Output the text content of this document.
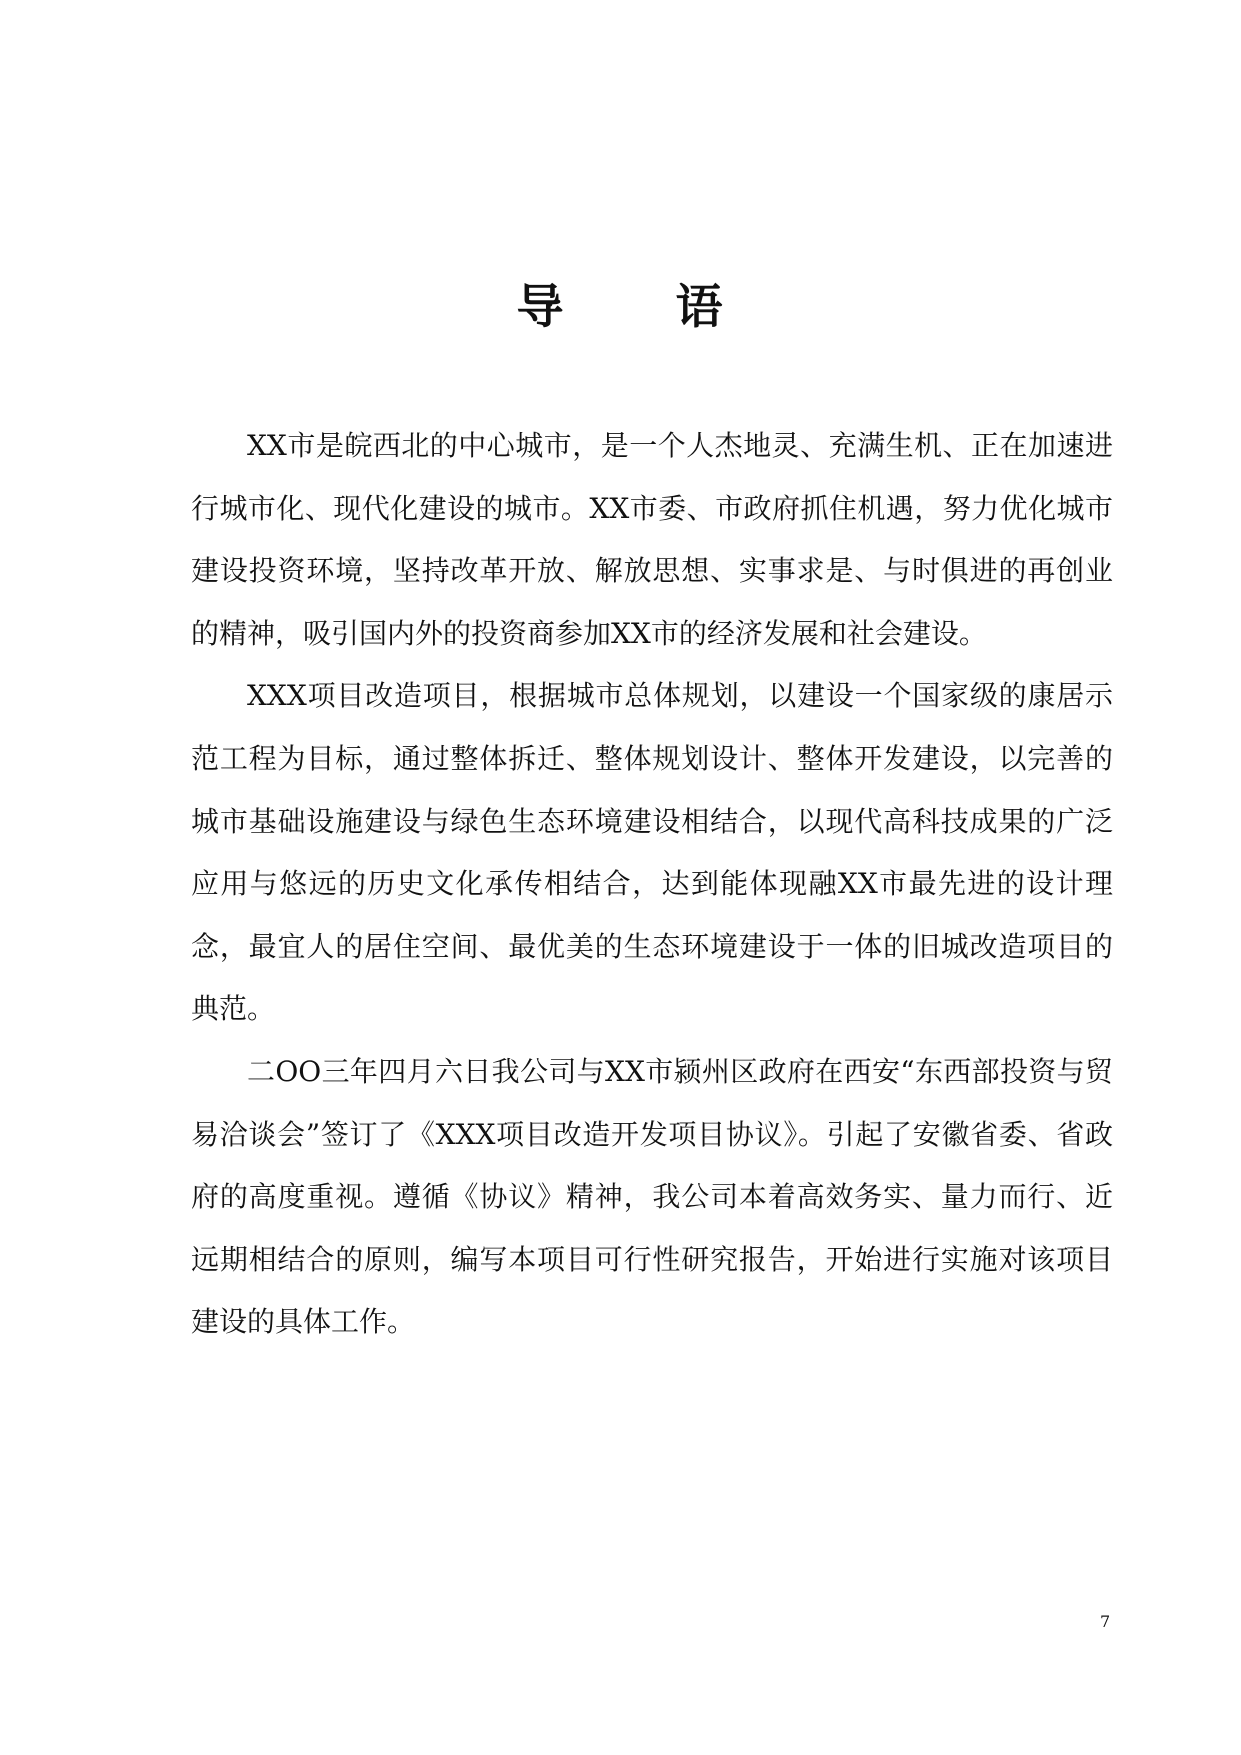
导 语

XX市是皖西北的中心城市，是一个人杰地灵、充满生机、正在加速进行城市化、现代化建设的城市。XX市委、市政府抓住机遇，努力优化城市建设投资环境，坚持改革开放、解放思想、实事求是、与时俱进的再创业的精神，吸引国内外的投资商参加XX市的经济发展和社会建设。

XXX项目改造项目，根据城市总体规划，以建设一个国家级的康居示范工程为目标，通过整体拆迁、整体规划设计、整体开发建设，以完善的城市基础设施建设与绿色生态环境建设相结合，以现代高科技成果的广泛应用与悠远的历史文化承传相结合，达到能体现融XX市最先进的设计理念，最宜人的居住空间、最优美的生态环境建设于一体的旧城改造项目的典范。

二OO三年四月六日我公司与XX市颍州区政府在西安“东西部投资与贸易洽谈会”签订了《XXX项目改造开发项目协议》。引起了安徽省委、省政府的高度重视。遵循《协议》精神，我公司本着高效务实、量力而行、近远期相结合的原则，编写本项目可行性研究报告，开始进行实施对该项目建设的具体工作。

7
